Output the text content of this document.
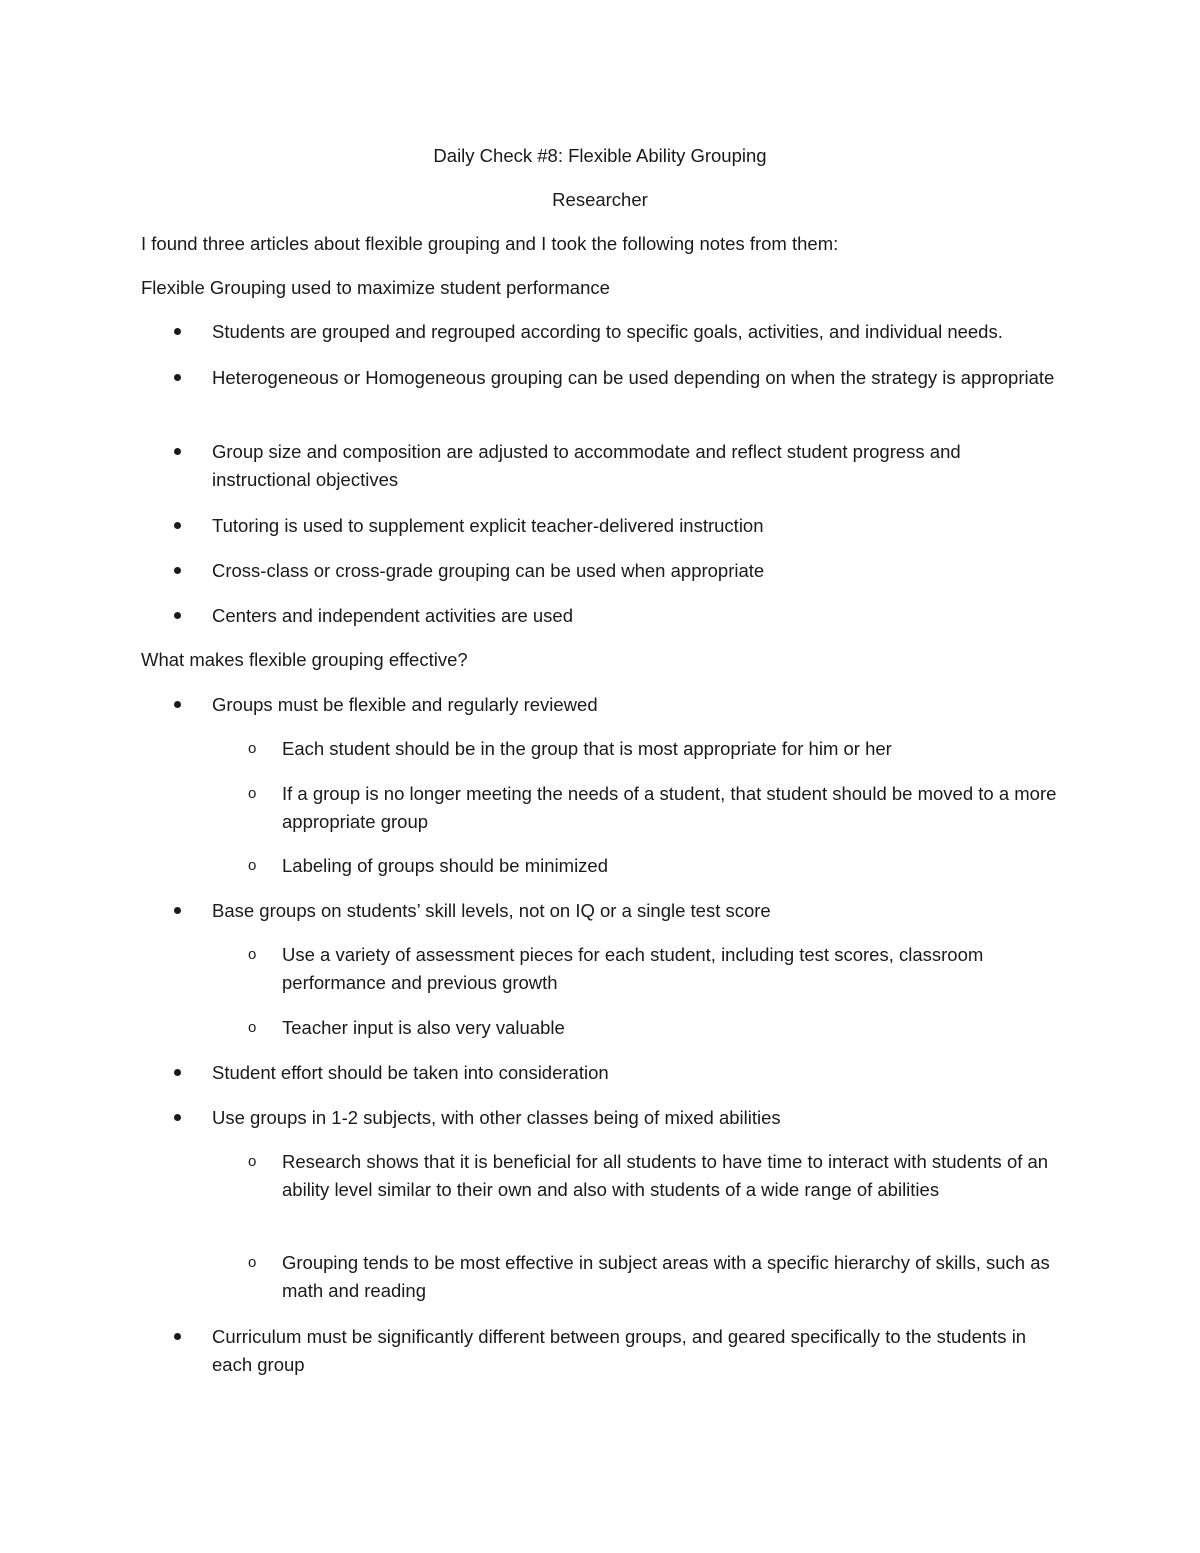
Daily Check #8: Flexible Ability Grouping
Researcher
I found three articles about flexible grouping and I took the following notes from them:
Flexible Grouping used to maximize student performance
Students are grouped and regrouped according to specific goals, activities, and individual needs.
Heterogeneous or Homogeneous grouping can be used depending on when the strategy is appropriate
Group size and composition are adjusted to accommodate and reflect student progress and instructional objectives
Tutoring is used to supplement explicit teacher-delivered instruction
Cross-class or cross-grade grouping can be used when appropriate
Centers and independent activities are used
What makes flexible grouping effective?
Groups must be flexible and regularly reviewed
o Each student should be in the group that is most appropriate for him or her
o If a group is no longer meeting the needs of a student, that student should be moved to a more appropriate group
o Labeling of groups should be minimized
Base groups on students’ skill levels, not on IQ or a single test score
o Use a variety of assessment pieces for each student, including test scores, classroom performance and previous growth
o Teacher input is also very valuable
Student effort should be taken into consideration
Use groups in 1-2 subjects, with other classes being of mixed abilities
o Research shows that it is beneficial for all students to have time to interact with students of an ability level similar to their own and also with students of a wide range of abilities
o Grouping tends to be most effective in subject areas with a specific hierarchy of skills, such as math and reading
Curriculum must be significantly different between groups, and geared specifically to the students in each group
